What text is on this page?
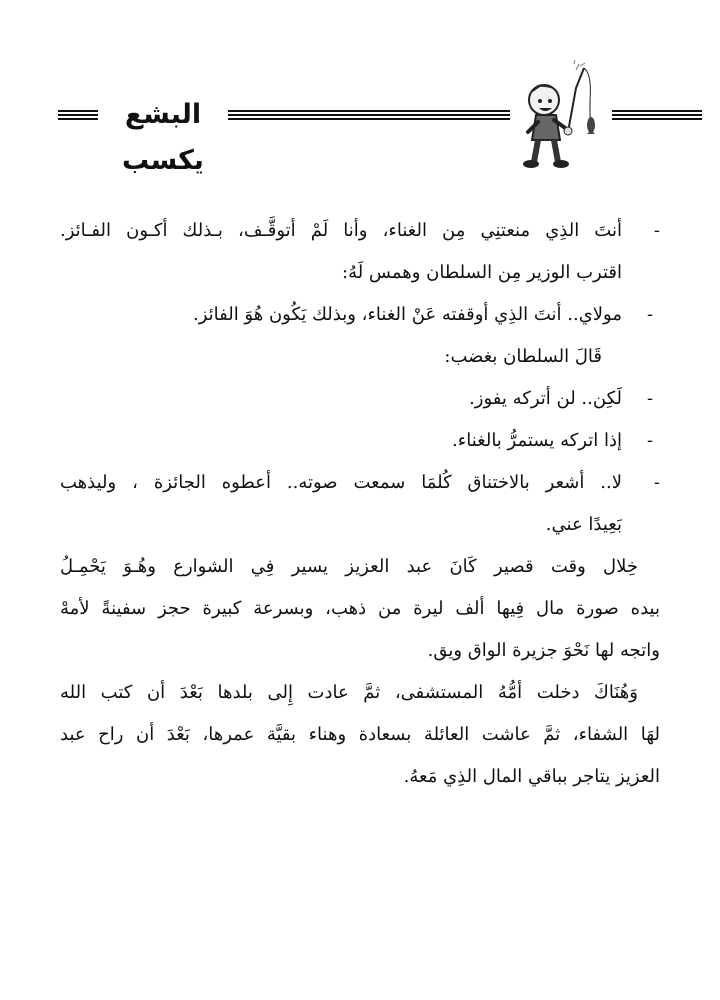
البشع يكسب
-
أنتَ الذِي منعتنِي مِن الغناء، وأنا لَمْ أتوقَّـف، بـذلك أكـون الفـائز.
اقترب الوزير مِن السلطان وهمس لَهُ:
-
مولاي.. أنتَ الذِي أوقفته عَنْ الغناء، وبذلك يَكُون هُوَ الفائز.
قَالَ السلطان بغضب:
-
لَكِن.. لن أتركه يفوز.
-
إذا اتركه يستمرُّ بالغناء.
-
لا.. أشعر بالاختناق كُلمَا سمعت صوته.. أعطوه الجائزة ، وليذهب
بَعِيدًا عني.
خِلال وقت قصير كَانَ عبد العزيز يسير فِي الشوارع وهُـوَ يَحْمِـلُ
بيده صورة مال فِيها ألف ليرة من ذهب، وبسرعة كبيرة حجز سفينةً لأمهْ
واتجه لها نَحْوَ جزيرة الواق ويق.
وَهُنَاكَ دخلت أمُّهُ المستشفى، ثمَّ عادت إِلى بلدها بَعْدَ أن كتب الله
لهَا الشفاء، ثمَّ عاشت العائلة بسعادة وهناء بقيَّة عمرها، بَعْدَ أن راح عبد
العزيز يتاجر بباقي المال الذِي مَعهُ.
